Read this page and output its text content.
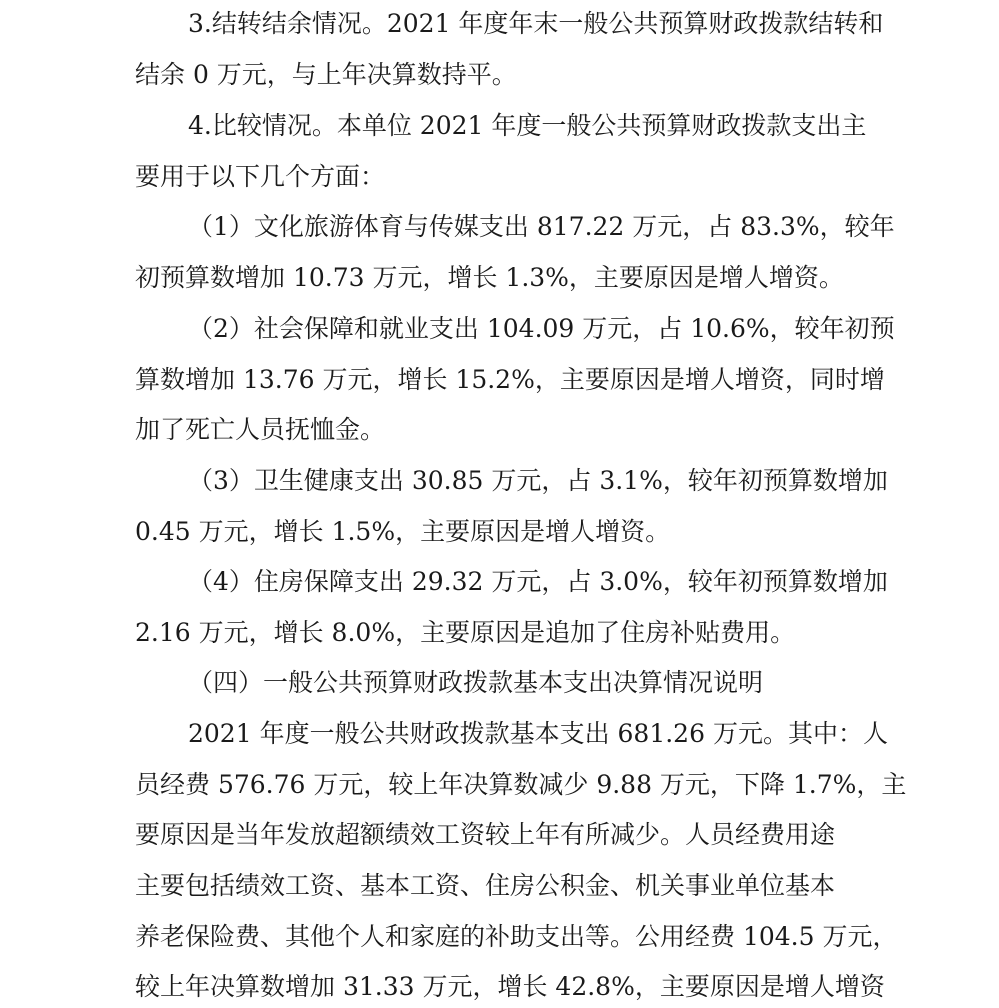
3.结转结余情况。2021 年度年末一般公共预算财政拨款结转和
结余 0 万元，与上年决算数持平。
4.比较情况。本单位 2021 年度一般公共预算财政拨款支出主
要用于以下几个方面：
（1）文化旅游体育与传媒支出 817.22 万元，占 83.3%，较年
初预算数增加 10.73 万元，增长 1.3%，主要原因是增人增资。
（2）社会保障和就业支出 104.09 万元，占 10.6%，较年初预
算数增加 13.76 万元，增长 15.2%，主要原因是增人增资，同时增
加了死亡人员抚恤金。
（3）卫生健康支出 30.85 万元，占 3.1%，较年初预算数增加
0.45 万元，增长 1.5%，主要原因是增人增资。
（4）住房保障支出 29.32 万元，占 3.0%，较年初预算数增加
2.16 万元，增长 8.0%，主要原因是追加了住房补贴费用。
（四）一般公共预算财政拨款基本支出决算情况说明
2021 年度一般公共财政拨款基本支出 681.26 万元。其中：人
员经费 576.76 万元，较上年决算数减少 9.88 万元，下降 1.7%，主
要原因是当年发放超额绩效工资较上年有所减少。人员经费用途
主要包括绩效工资、基本工资、住房公积金、机关事业单位基本
养老保险费、其他个人和家庭的补助支出等。公用经费 104.5 万元，
较上年决算数增加 31.33 万元，增长 42.8%，主要原因是增人增资
